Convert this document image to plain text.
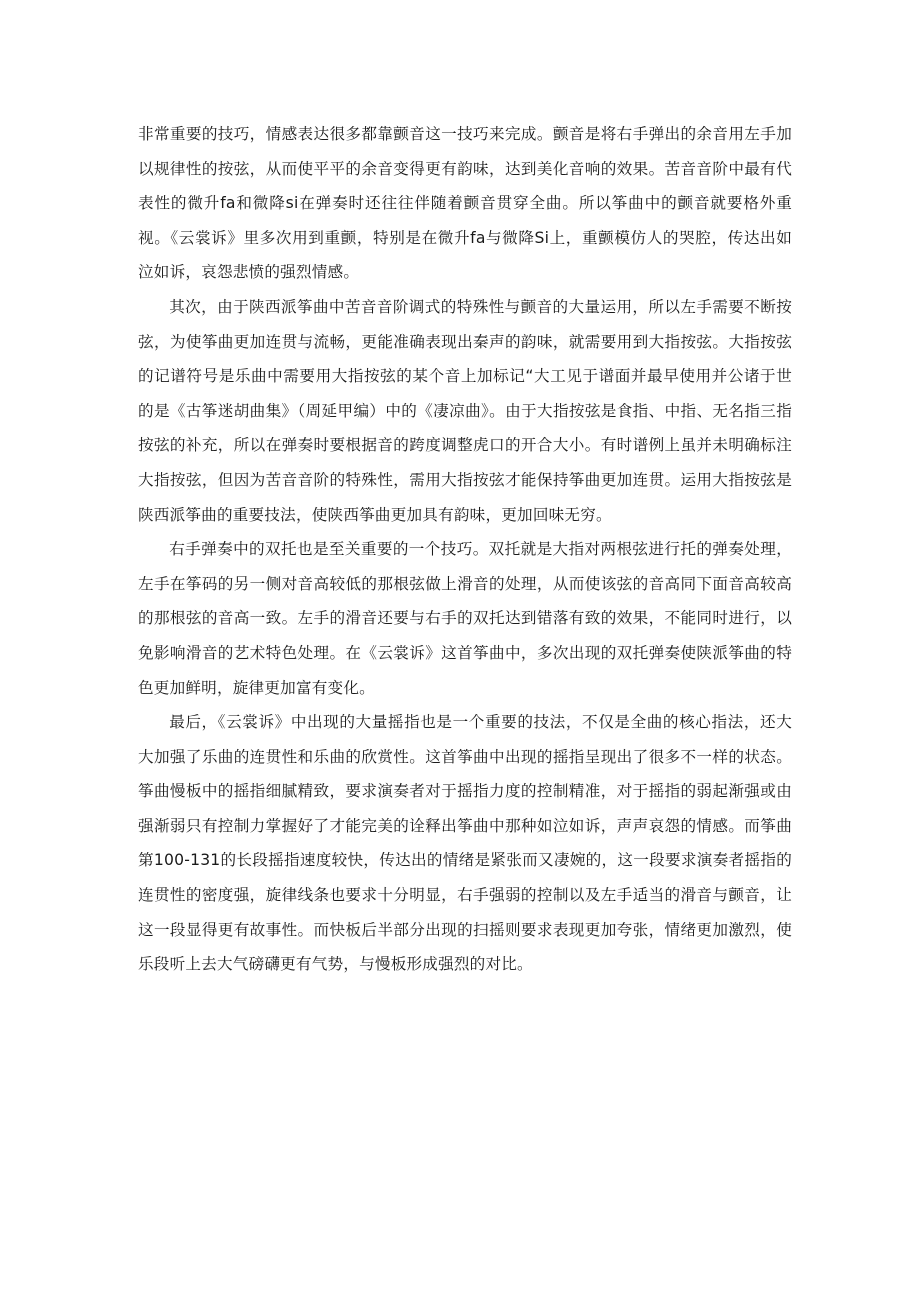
非常重要的技巧，情感表达很多都靠颤音这一技巧来完成。颤音是将右手弹出的余音用左手加以规律性的按弦，从而使平平的余音变得更有韵味，达到美化音响的效果。苦音音阶中最有代表性的微升fa和微降si在弹奏时还往往伴随着颤音贯穿全曲。所以筝曲中的颤音就要格外重视。《云裳诉》里多次用到重颤，特别是在微升fa与微降Si上，重颤模仿人的哭腔，传达出如泣如诉，哀怨悲愤的强烈情感。

其次，由于陕西派筝曲中苦音音阶调式的特殊性与颤音的大量运用，所以左手需要不断按弦，为使筝曲更加连贯与流畅，更能准确表现出秦声的韵味，就需要用到大指按弦。大指按弦的记谱符号是乐曲中需要用大指按弦的某个音上加标记“大工见于谱面并最早使用并公诸于世的是《古筝迷胡曲集》（周延甲编）中的《凄凉曲》。由于大指按弦是食指、中指、无名指三指按弦的补充，所以在弹奏时要根据音的跨度调整虎口的开合大小。有时谱例上虽并未明确标注大指按弦，但因为苦音音阶的特殊性，需用大指按弦才能保持筝曲更加连贯。运用大指按弦是陕西派筝曲的重要技法，使陕西筝曲更加具有韵味，更加回味无穷。

右手弹奏中的双托也是至关重要的一个技巧。双托就是大指对两根弦进行托的弹奏处理，左手在筝码的另一侧对音高较低的那根弦做上滑音的处理，从而使该弦的音高同下面音高较高的那根弦的音高一致。左手的滑音还要与右手的双托达到错落有致的效果，不能同时进行，以免影响滑音的艺术特色处理。在《云裳诉》这首筝曲中，多次出现的双托弹奏使陕派筝曲的特色更加鲜明，旋律更加富有变化。

最后，《云裳诉》中出现的大量摇指也是一个重要的技法，不仅是全曲的核心指法，还大大加强了乐曲的连贯性和乐曲的欣赏性。这首筝曲中出现的摇指呈现出了很多不一样的状态。筝曲慢板中的摇指细腻精致，要求演奏者对于摇指力度的控制精准，对于摇指的弱起渐强或由强渐弱只有控制力掌握好了才能完美的诠释出筝曲中那种如泣如诉，声声哀怨的情感。而筝曲第100-131的长段摇指速度较快，传达出的情绪是紧张而又凄婉的，这一段要求演奏者摇指的连贯性的密度强，旋律线条也要求十分明显，右手强弱的控制以及左手适当的滑音与颤音，让这一段显得更有故事性。而快板后半部分出现的扫摇则要求表现更加夸张，情绪更加激烈，使乐段听上去大气磅礴更有气势，与慢板形成强烈的对比。
